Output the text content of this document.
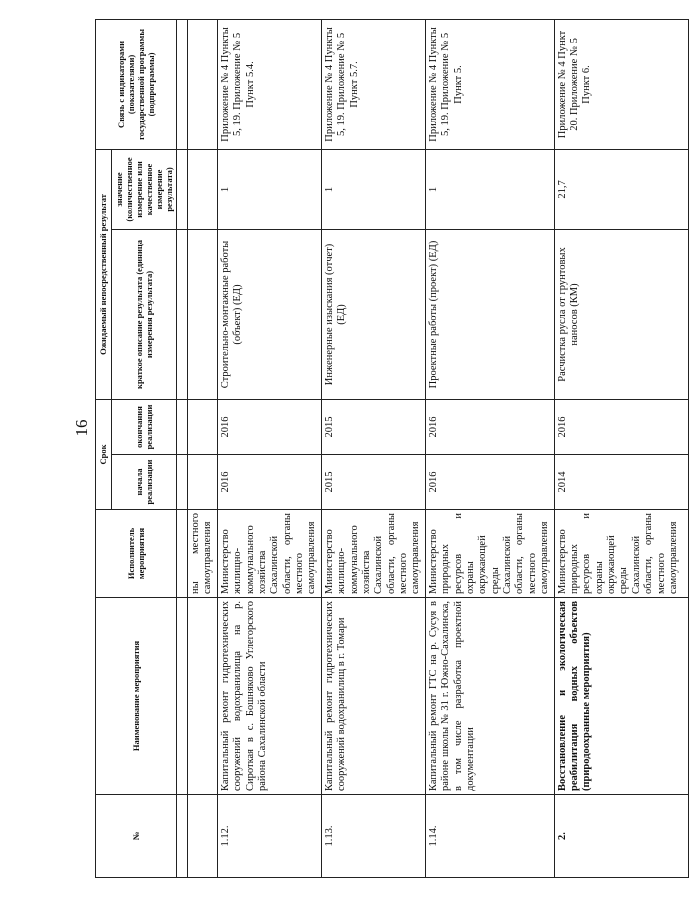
16
№	Наименование мероприятия	Исполнитель мероприятия	Срок		Ожидаемый непосредственный результат		Связь с индикаторами (показателями) государственной программы (подпрограммы)
			начала реализации	окончания реализации	краткое описание результата (единица измерения результата)	значение (количественное измерение или качественное измерение результата)	

		ны местного самоуправления					
1.12.	Капитальный ремонт гидротехнических сооружений водохранилища на р. Сироткая в с. Бошняково Углегорского района Сахалинской области	Министерство жилищно-коммунального хозяйства Сахалинской области, органы местного самоуправления	2016	2016	Строительно-монтажные работы (объект) (ЕД)	1	Приложение № 4 Пункты 5, 19. Приложение № 5 Пункт 5.4.
1.13.	Капитальный ремонт гидротехнических сооружений водохранилищ в г. Томари	Министерство жилищно-коммунального хозяйства Сахалинской области, органы местного самоуправления	2015	2015	Инженерные изыскания (отчет) (ЕД)	1	Приложение № 4 Пункты 5, 19. Приложение № 5 Пункт 5.7.
1.14.	Капитальный ремонт ГТС на р. Сусуя в районе школы № 31 г. Южно-Сахалинска, в том числе разработка проектной документации	Министерство природных ресурсов и охраны окружающей среды Сахалинской области, органы местного самоуправления	2016	2016	Проектные работы (проект) (ЕД)	1	Приложение № 4 Пункты 5, 19. Приложение № 5 Пункт 5.
2.	Восстановление и экологическая реабилитация водных объектов (природоохранные мероприятия)	Министерство природных ресурсов и охраны окружающей среды Сахалинской области, органы местного самоуправления	2014	2016	Расчистка русла от грунтовых наносов (КМ)	21,7	Приложение № 4 Пункт 20. Приложение № 5 Пункт 6.
